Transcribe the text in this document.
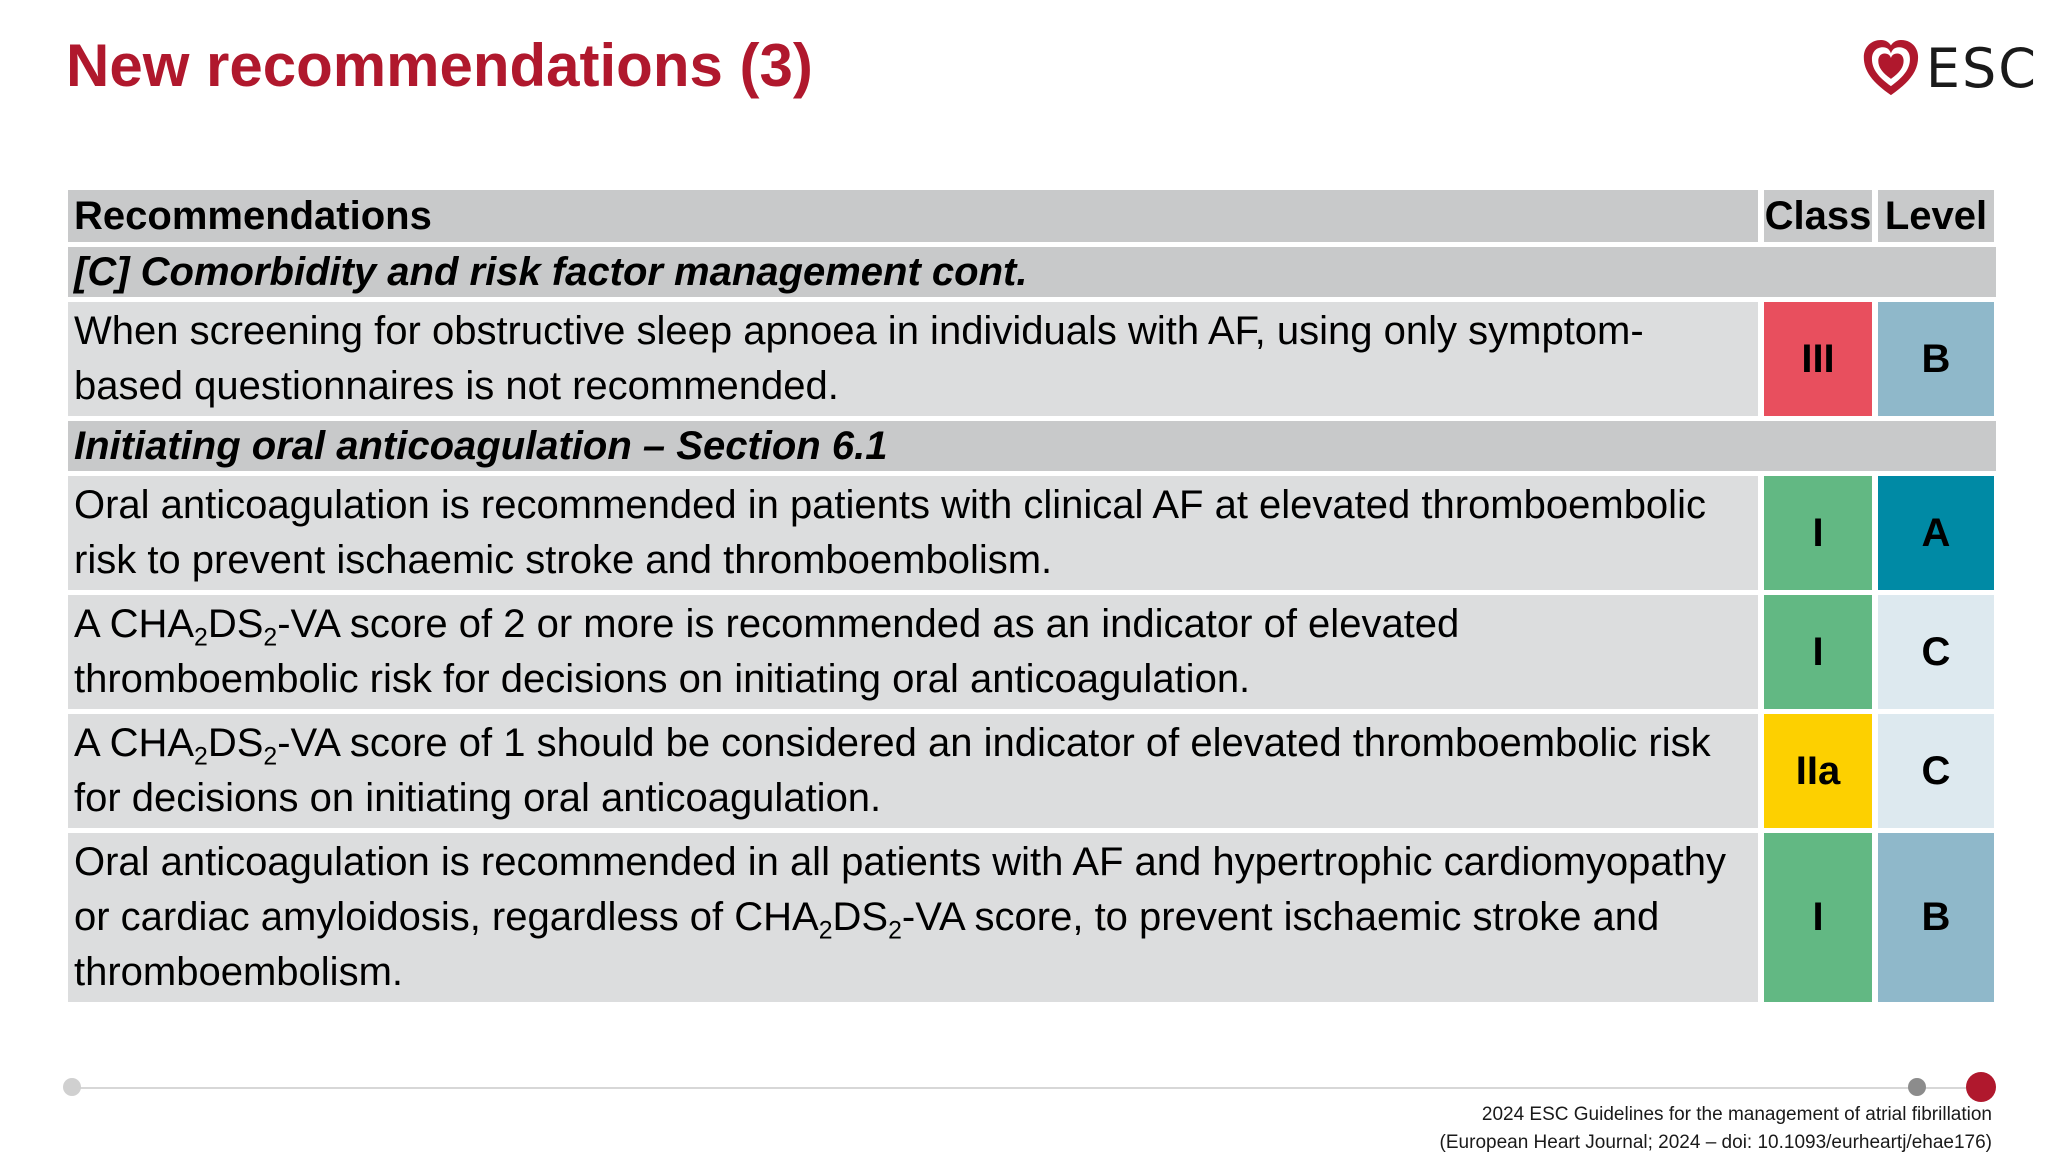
New recommendations (3)	ESC
Recommendations	Class Level
[C] Comorbidity and risk factor management cont.
When screening for obstructive sleep apnoea in individuals with AF, using only symptom-based questionnaires is not recommended.
III	B
Initiating oral anticoagulation – Section 6.1
Oral anticoagulation is recommended in patients with clinical AF at elevated thromboembolic risk to prevent ischaemic stroke and thromboembolism.
I	A
A $CHA_2DS_2-VA$ score of 2 or more is recommended as an indicator of elevated thromboembolic risk for decisions on initiating oral anticoagulation.
I	C
A $CHA_2DS_2-VA$ score of 1 should be considered an indicator of elevated thromboembolic risk for decisions on initiating oral anticoagulation.
IIa	C
Oral anticoagulation is recommended in all patients with AF and hypertrophic cardiomyopathy or cardiac amyloidosis, regardless of $CHA_2DS_2-VA$ score, to prevent ischaemic stroke and thromboembolism.
I	B
2024 ESC Guidelines for the management of atrial fibrillation
(European Heart Journal; 2024 – doi: 10.1093/eurheartj/ehae176)
